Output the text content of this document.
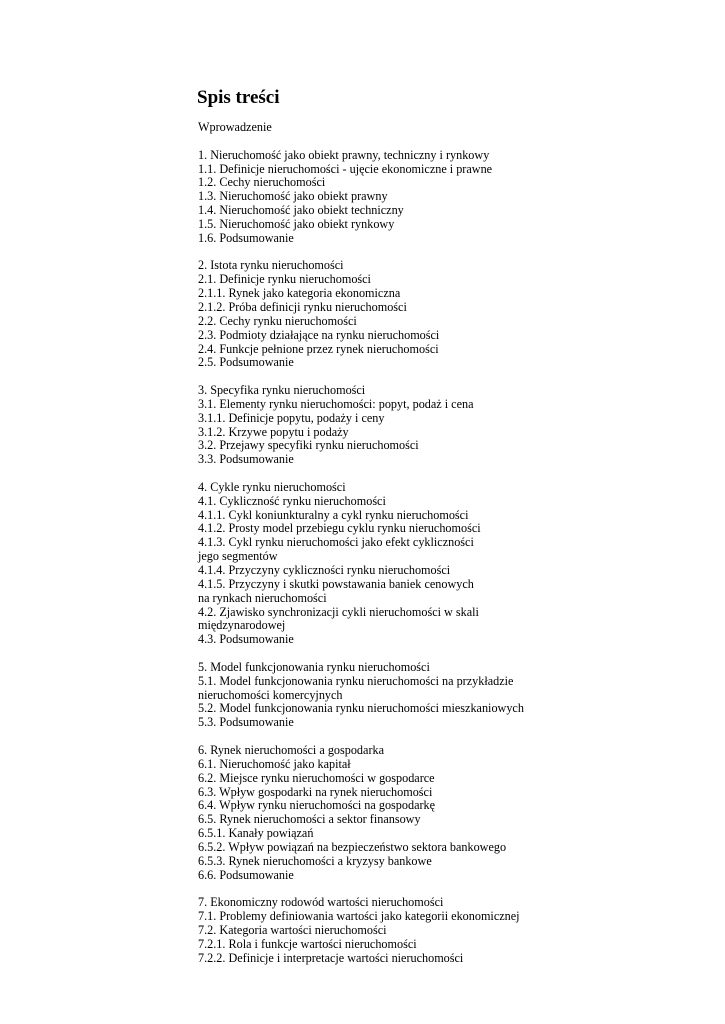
Spis treści
Wprowadzenie
1. Nieruchomość jako obiekt prawny, techniczny i rynkowy
1.1. Definicje nieruchomości - ujęcie ekonomiczne i prawne
1.2. Cechy nieruchomości
1.3. Nieruchomość jako obiekt prawny
1.4. Nieruchomość jako obiekt techniczny
1.5. Nieruchomość jako obiekt rynkowy
1.6. Podsumowanie
2. Istota rynku nieruchomości
2.1. Definicje rynku nieruchomości
2.1.1. Rynek jako kategoria ekonomiczna
2.1.2. Próba definicji rynku nieruchomości
2.2. Cechy rynku nieruchomości
2.3. Podmioty działające na rynku nieruchomości
2.4. Funkcje pełnione przez rynek nieruchomości
2.5. Podsumowanie
3. Specyfika rynku nieruchomości
3.1. Elementy rynku nieruchomości: popyt, podaż i cena
3.1.1. Definicje popytu, podaży i ceny
3.1.2. Krzywe popytu i podaży
3.2. Przejawy specyfiki rynku nieruchomości
3.3. Podsumowanie
4. Cykle rynku nieruchomości
4.1. Cykliczność rynku nieruchomości
4.1.1. Cykl koniunkturalny a cykl rynku nieruchomości
4.1.2. Prosty model przebiegu cyklu rynku nieruchomości
4.1.3. Cykl rynku nieruchomości jako efekt cykliczności
jego segmentów
4.1.4. Przyczyny cykliczności rynku nieruchomości
4.1.5. Przyczyny i skutki powstawania baniek cenowych
na rynkach nieruchomości
4.2. Zjawisko synchronizacji cykli nieruchomości w skali
międzynarodowej
4.3. Podsumowanie
5. Model funkcjonowania rynku nieruchomości
5.1. Model funkcjonowania rynku nieruchomości na przykładzie
nieruchomości komercyjnych
5.2. Model funkcjonowania rynku nieruchomości mieszkaniowych
5.3. Podsumowanie
6. Rynek nieruchomości a gospodarka
6.1. Nieruchomość jako kapitał
6.2. Miejsce rynku nieruchomości w gospodarce
6.3. Wpływ gospodarki na rynek nieruchomości
6.4. Wpływ rynku nieruchomości na gospodarkę
6.5. Rynek nieruchomości a sektor finansowy
6.5.1. Kanały powiązań
6.5.2. Wpływ powiązań na bezpieczeństwo sektora bankowego
6.5.3. Rynek nieruchomości a kryzysy bankowe
6.6. Podsumowanie
7. Ekonomiczny rodowód wartości nieruchomości
7.1. Problemy definiowania wartości jako kategorii ekonomicznej
7.2. Kategoria wartości nieruchomości
7.2.1. Rola i funkcje wartości nieruchomości
7.2.2. Definicje i interpretacje wartości nieruchomości
